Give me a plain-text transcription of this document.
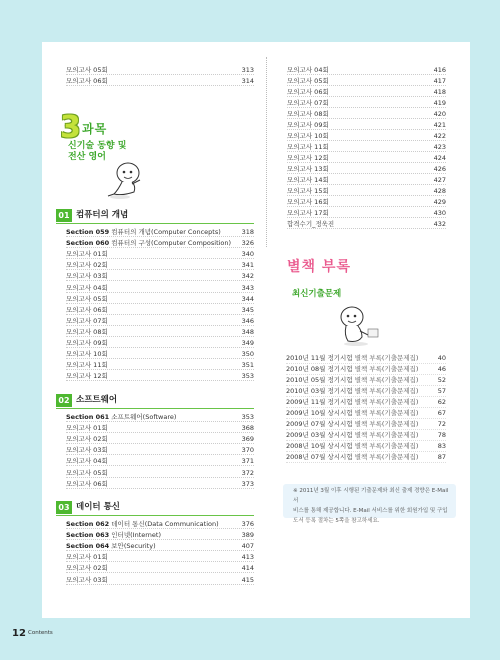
모의고사 05회	313
모의고사 06회	314
3 과목
신기술 동향 및
전산 영어
01 컴퓨터의 개념
Section 059 컴퓨터의 개념(Computer Concepts)	318
Section 060 컴퓨터의 구성(Computer Composition) 326
모의고사 01회	340
모의고사 02회	341
모의고사 03회	342
모의고사 04회	343
모의고사 05회	344
모의고사 06회	345
모의고사 07회	346
모의고사 08회	348
모의고사 09회	349
모의고사 10회	350
모의고사 11회	351
모의고사 12회	353
02 소프트웨어
Section 061 소프트웨어(Software)	353
모의고사 01회	368
모의고사 02회	369
모의고사 03회	370
모의고사 04회	371
모의고사 05회	372
모의고사 06회	373
03 데이터 통신
Section 062 데이터 통신(Data Communication)	376
Section 063 인터넷(Internet)	389
Section 064 보안(Security)	407
모의고사 01회	413
모의고사 02회	414
모의고사 03회	415
모의고사 04회	416
모의고사 05회	417
모의고사 06회	418
모의고사 07회	419
모의고사 08회	420
모의고사 09회	421
모의고사 10회	422
모의고사 11회	423
모의고사 12회	424
모의고사 13회	426
모의고사 14회	427
모의고사 15회	428
모의고사 16회	429
모의고사 17회	430
합격수기_정욱진	432
별책 부록
최신기출문제
2010년 11월 정기시험 별책 부록(기출문제집)	40
2010년 08월 정기시험 별책 부록(기출문제집)	46
2010년 05월 정기시험 별책 부록(기출문제집)	52
2010년 03월 정기시험 별책 부록(기출문제집)	57
2009년 11월 정기시험 별책 부록(기출문제집)	62
2009년 10월 상시시험 별책 부록(기출문제집)	67
2009년 07월 상시시험 별책 부록(기출문제집)	72
2009년 03월 상시시험 별책 부록(기출문제집)	78
2008년 10월 상시시험 별책 부록(기출문제집)	83
2008년 07월 상시시험 별책 부록(기출문제집)	87
※ 2011년 3월 이후 시행된 기출문제와 최신 출제 경향은 E-Mail 서
비스를 통해 제공합니다. E-Mail 서비스를 위한 회원가입 및 구입
도서 등록 절차는 5쪽을 참고하세요.
12 Contents
